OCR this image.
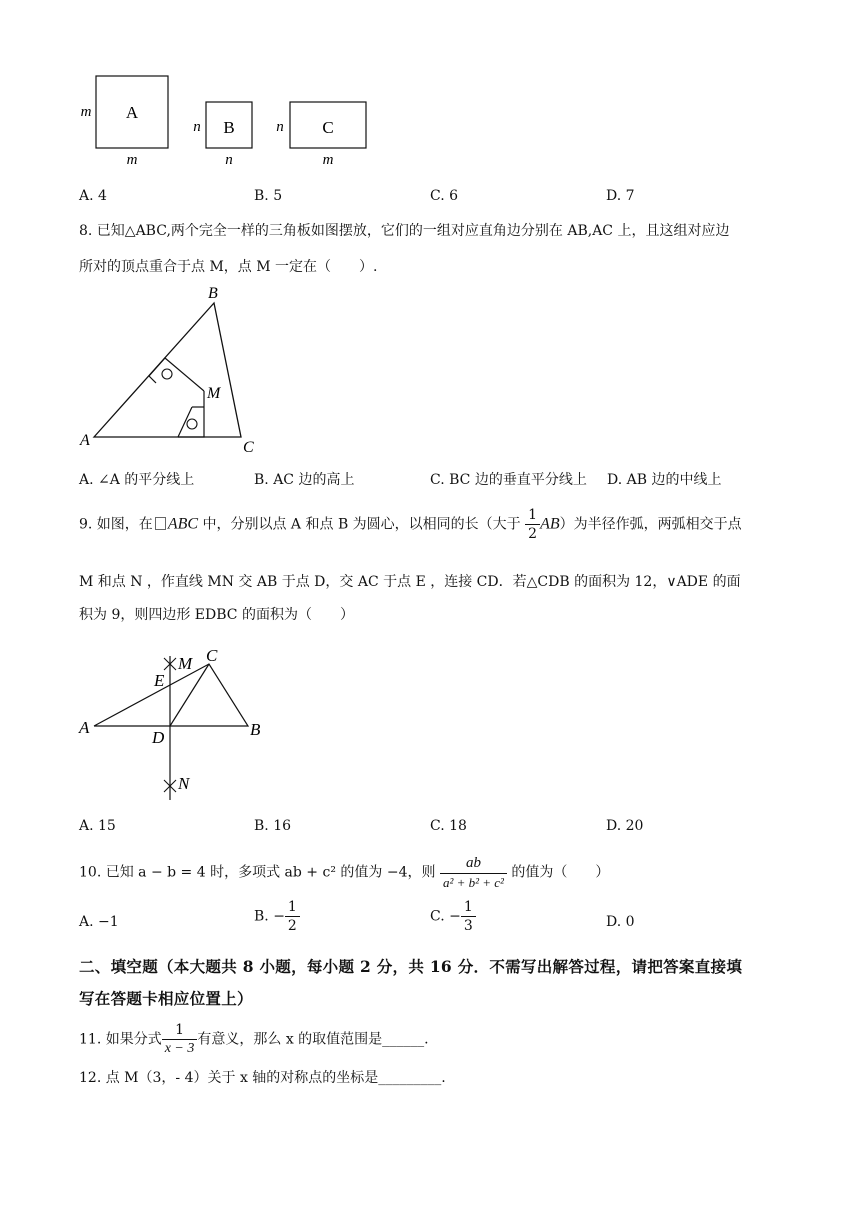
A
m
m
B
n
n
C
n
m
A. 4	B. 5	C. 6	D. 7
8. 已知△ABC,两个完全一样的三角板如图摆放，它们的一组对应直角边分别在 AB,AC 上，且这组对应边
所对的顶点重合于点 M，点 M 一定在（　　）.
A
B
C
M
A. ∠A 的平分线上	B. AC 边的高上	C. BC 边的垂直平分线上 D. AB 边的中线上
9. 如图，在 ABC 中，分别以点 A 和点 B 为圆心，以相同的长（大于 $\frac{1}{2} AB$）为半径作弧，两弧相交于点
M 和点 N ，作直线 MN 交 AB 于点 D，交 AC 于点 E ，连接 CD．若△CDB 的面积为 12，∨ADE 的面
积为 9，则四边形 EDBC 的面积为（　　）
M C
E
A
D	B
N
A. 15	B. 16	C. 18	D. 20
10. 已知 a − b = 4 时，多项式 ab + c² 的值为 −4，则 $\frac{ab}{\text{a² + b² + c²}}$ 的值为（　　）
A. −1	B. − $\frac{1}{2}$	C. − $\frac{1}{3}$	D. 0
二、填空题（本大题共 8 小题，每小题 2 分，共 16 分．不需写出解答过程，请把答案直接填
写在答题卡相应位置上）
11. 如果分式 $\frac{1}{x - 3}$ 有意义，那么 x 的取值范围是______.
12. 点 M（3，- 4）关于 x 轴的对称点的坐标是_________.
